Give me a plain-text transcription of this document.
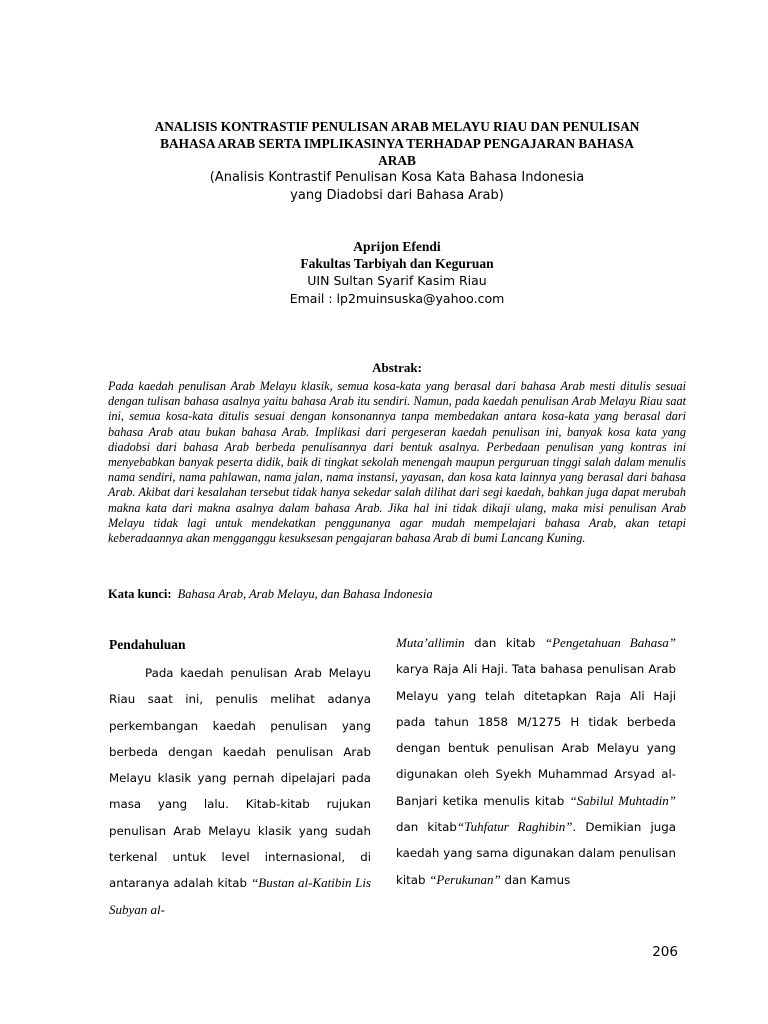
ANALISIS KONTRASTIF PENULISAN ARAB MELAYU RIAU DAN PENULISAN

BAHASA ARAB SERTA IMPLIKASINYA TERHADAP PENGAJARAN BAHASA

ARAB

(Analisis Kontrastif Penulisan Kosa Kata Bahasa Indonesia

yang Diadobsi dari Bahasa Arab)

Aprijon Efendi

Fakultas Tarbiyah dan Keguruan

UIN Sultan Syarif Kasim Riau

Email : lp2muinsuska@yahoo.com

Abstrak:

Pada kaedah penulisan Arab Melayu klasik, semua kosa-kata yang berasal dari bahasa Arab mesti ditulis sesuai dengan tulisan bahasa asalnya yaitu bahasa Arab itu sendiri. Namun, pada kaedah penulisan Arab Melayu Riau saat ini, semua kosa-kata ditulis sesuai dengan konsonannya tanpa membedakan antara kosa-kata yang berasal dari bahasa Arab atau bukan bahasa Arab. Implikasi dari pergeseran kaedah penulisan ini, banyak kosa kata yang diadobsi dari bahasa Arab berbeda penulisannya dari bentuk asalnya. Perbedaan penulisan yang kontras ini menyebabkan banyak peserta didik, baik di tingkat sekolah menengah maupun perguruan tinggi salah dalam menulis nama sendiri, nama pahlawan, nama jalan, nama instansi, yayasan, dan kosa kata lainnya yang berasal dari bahasa Arab. Akibat dari kesalahan tersebut tidak hanya sekedar salah dilihat dari segi kaedah, bahkan juga dapat merubah makna kata dari makna asalnya dalam bahasa Arab. Jika hal ini tidak dikaji ulang, maka misi penulisan Arab Melayu tidak lagi untuk mendekatkan penggunanya agar mudah mempelajari bahasa Arab, akan tetapi keberadaannya akan mengganggu kesuksesan pengajaran bahasa Arab di bumi Lancang Kuning.

Kata kunci: Bahasa Arab, Arab Melayu, dan Bahasa Indonesia

Pendahuluan

Pada kaedah penulisan Arab Melayu Riau saat ini, penulis melihat adanya perkembangan kaedah penulisan yang berbeda dengan kaedah penulisan Arab Melayu klasik yang pernah dipelajari pada masa yang lalu. Kitab-kitab rujukan penulisan Arab Melayu klasik yang sudah terkenal untuk level internasional, di antaranya adalah kitab “Bustan al-Katibin Lis Subyan al-

Muta’allimin dan kitab “Pengetahuan Bahasa” karya Raja Ali Haji. Tata bahasa penulisan Arab Melayu yang telah ditetapkan Raja Ali Haji pada tahun 1858 M/1275 H tidak berbeda dengan bentuk penulisan Arab Melayu yang digunakan oleh Syekh Muhammad Arsyad al-Banjari ketika menulis kitab “Sabilul Muhtadin” dan kitab“Tuhfatur Raghibin”. Demikian juga kaedah yang sama digunakan dalam penulisan kitab “Perukunan” dan Kamus

206
